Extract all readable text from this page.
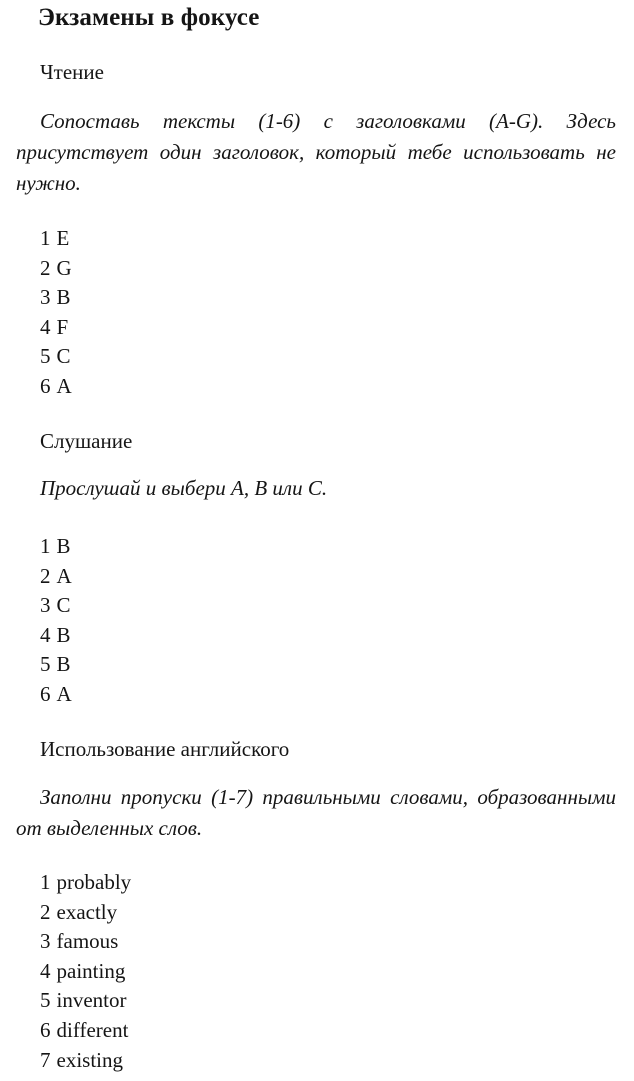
Экзамены в фокусе
Чтение
Сопоставь тексты (1-6) с заголовками (A-G). Здесь присутствует один заголовок, который тебе использовать не нужно.
1 E
2 G
3 B
4 F
5 C
6 A
Слушание
Прослушай и выбери A, B или C.
1 B
2 A
3 C
4 B
5 B
6 A
Использование английского
Заполни пропуски (1-7) правильными словами, образованными от выделенных слов.
1 probably
2 exactly
3 famous
4 painting
5 inventor
6 different
7 existing
